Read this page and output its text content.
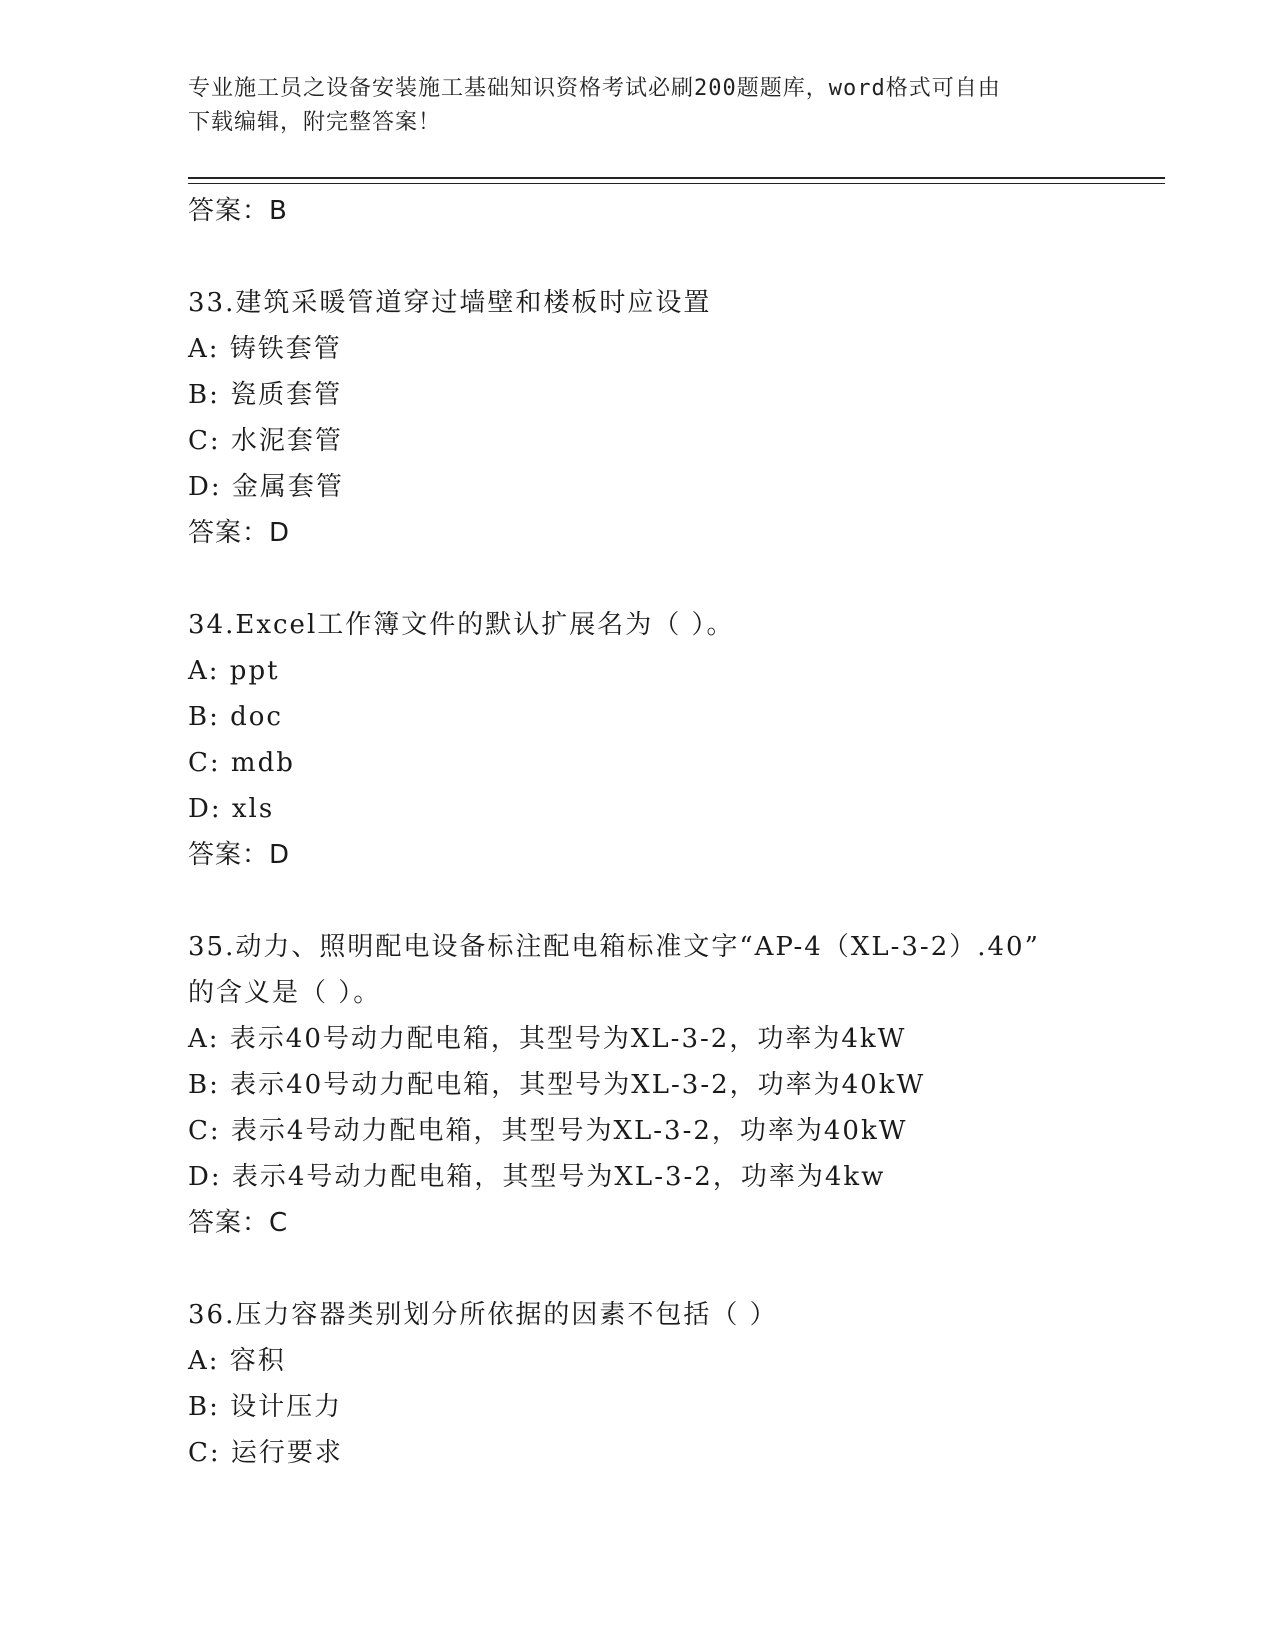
专业施工员之设备安装施工基础知识资格考试必刷200题题库，word格式可自由
下载编辑，附完整答案！
答案：B
33.建筑采暖管道穿过墙壁和楼板时应设置
A: 铸铁套管
B: 瓷质套管
C: 水泥套管
D: 金属套管
答案：D
34.Excel工作簿文件的默认扩展名为（ ）。
A: ppt
B: doc
C: mdb
D: xls
答案：D
35.动力、照明配电设备标注配电箱标准文字“AP-4（XL-3-2）.40”
的含义是（ ）。
A: 表示40号动力配电箱，其型号为XL-3-2，功率为4kW
B: 表示40号动力配电箱，其型号为XL-3-2，功率为40kW
C: 表示4号动力配电箱，其型号为XL-3-2，功率为40kW
D: 表示4号动力配电箱，其型号为XL-3-2，功率为4kw
答案：C
36.压力容器类别划分所依据的因素不包括（ ）
A: 容积
B: 设计压力
C: 运行要求
